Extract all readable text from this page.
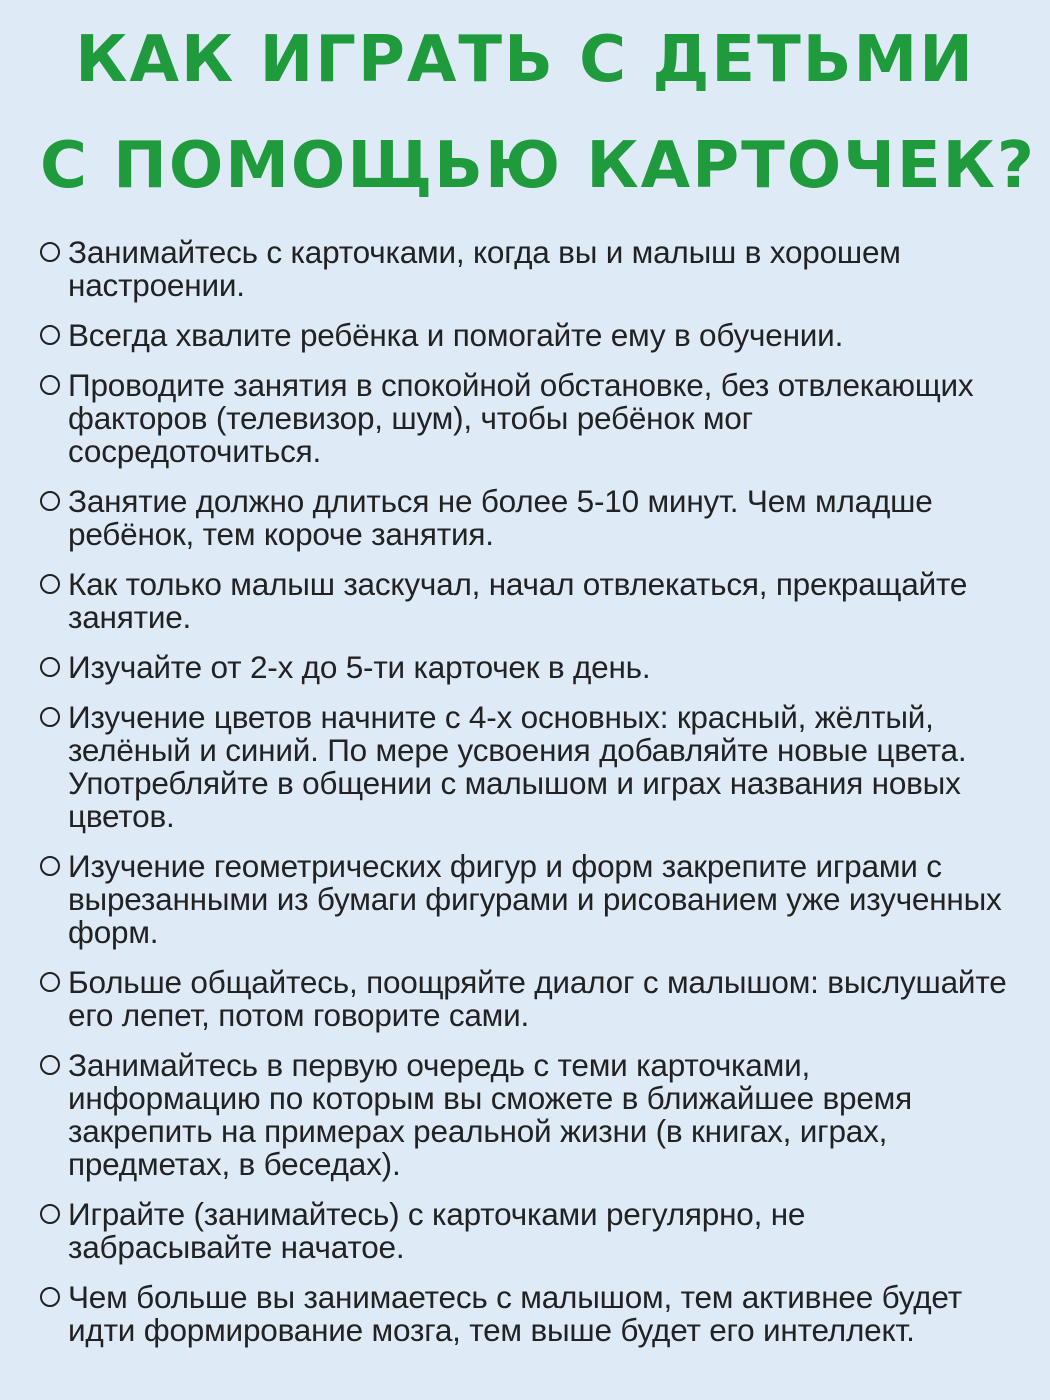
КАК ИГРАТЬ С ДЕТЬМИ
С ПОМОЩЬЮ КАРТОЧЕК?
Занимайтесь с карточками, когда вы и малыш в хорошем настроении.
Всегда хвалите ребёнка и помогайте ему в обучении.
Проводите занятия в спокойной обстановке, без отвлекающих факторов (телевизор, шум), чтобы ребёнок мог сосредоточиться.
Занятие должно длиться не более 5-10 минут. Чем младше ребёнок, тем короче занятия.
Как только малыш заскучал, начал отвлекаться, прекращайте занятие.
Изучайте от 2-х до 5-ти карточек в день.
Изучение цветов начните с 4-х основных: красный, жёлтый, зелёный и синий. По мере усвоения добавляйте новые цвета. Употребляйте в общении с малышом и играх названия новых цветов.
Изучение геометрических фигур и форм закрепите играми с вырезанными из бумаги фигурами и рисованием уже изученных форм.
Больше общайтесь, поощряйте диалог с малышом: выслушайте его лепет, потом говорите сами.
Занимайтесь в первую очередь с теми карточками, информацию по которым вы сможете в ближайшее время закрепить на примерах реальной жизни (в книгах, играх, предметах, в беседах).
Играйте (занимайтесь) с карточками регулярно, не забрасывайте начатое.
Чем больше вы занимаетесь с малышом, тем активнее будет идти формирование мозга, тем выше будет его интеллект.
